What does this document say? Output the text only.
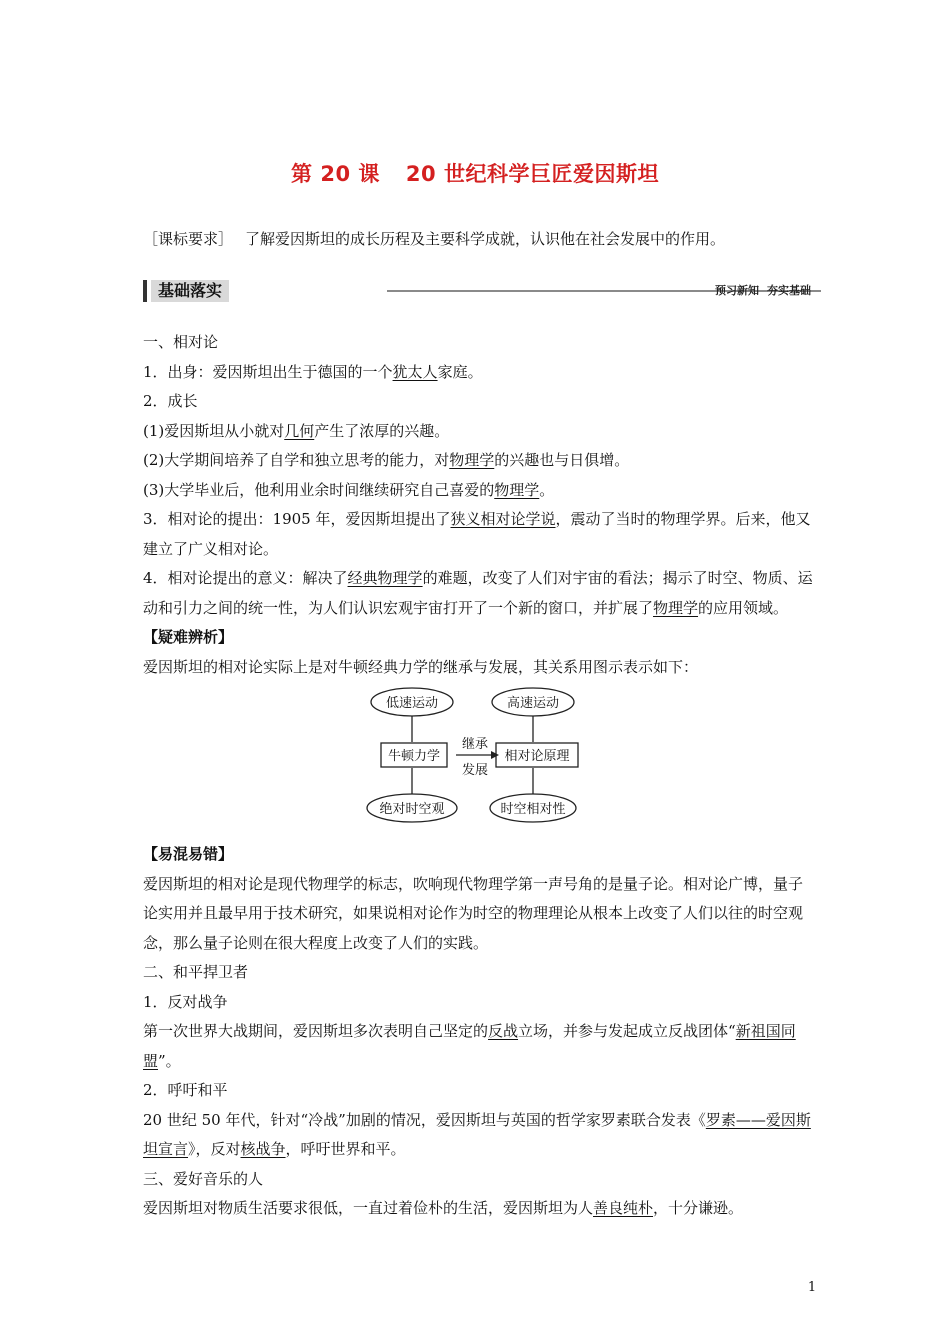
第 20 课 20 世纪科学巨匠爱因斯坦
［课标要求］ 了解爱因斯坦的成长历程及主要科学成就，认识他在社会发展中的作用。
基础落实	预习新知 夯实基础

一、相对论

1．出身：爱因斯坦出生于德国的一个犹太人家庭。

2．成长

(1)爱因斯坦从小就对几何产生了浓厚的兴趣。

(2)大学期间培养了自学和独立思考的能力，对物理学的兴趣也与日俱增。

(3)大学毕业后，他利用业余时间继续研究自己喜爱的物理学。

3．相对论的提出：1905 年，爱因斯坦提出了狭义相对论学说，震动了当时的物理学界。后来，他又建立了广义相对论。

4．相对论提出的意义：解决了经典物理学的难题，改变了人们对宇宙的看法；揭示了时空、物质、运动和引力之间的统一性，为人们认识宏观宇宙打开了一个新的窗口，并扩展了物理学的应用领域。

【疑难辨析】

爱因斯坦的相对论实际上是对牛顿经典力学的继承与发展，其关系用图示表示如下：

低速运动	高速运动
牛顿力学	相对论原理
继承
发展
绝对时空观	时空相对性

【易混易错】

爱因斯坦的相对论是现代物理学的标志，吹响现代物理学第一声号角的是量子论。相对论广博，量子论实用并且最早用于技术研究，如果说相对论作为时空的物理理论从根本上改变了人们以往的时空观念，那么量子论则在很大程度上改变了人们的实践。

二、和平捍卫者

1．反对战争

第一次世界大战期间，爱因斯坦多次表明自己坚定的反战立场，并参与发起成立反战团体“新祖国同盟”。

2．呼吁和平

20 世纪 50 年代，针对“冷战”加剧的情况，爱因斯坦与英国的哲学家罗素联合发表《罗素——爱因斯坦宣言》，反对核战争，呼吁世界和平。

三、爱好音乐的人

爱因斯坦对物质生活要求很低，一直过着俭朴的生活，爱因斯坦为人善良纯朴，十分谦逊。

1
